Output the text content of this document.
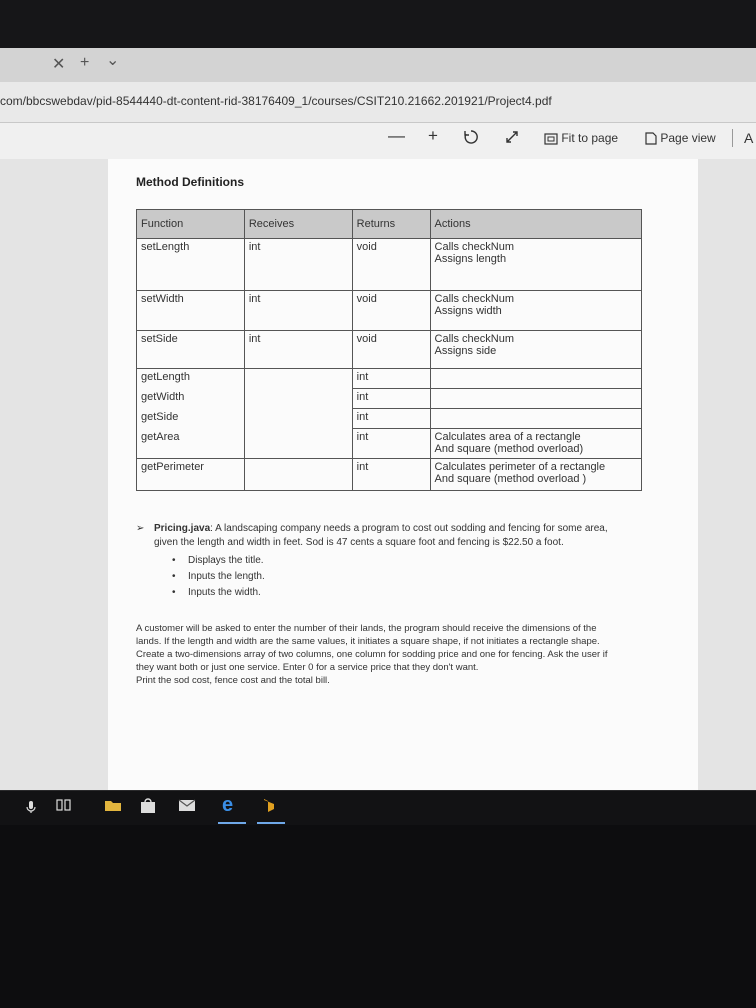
✕ + ⌄
com/bbcswebdav/pid-8544440-dt-content-rid-38176409_1/courses/CSIT210.21662.201921/Project4.pdf
— +	Fit to page	Page view A
Method Definitions
Function	Receives	Returns	Actions
setLength	int	void	Calls checkNum
Assigns length

setWidth	int	void	Calls checkNum
Assigns width

setSide	int	void	Calls checkNum
Assigns side

getLength		int	
getWidth		int	
getSide		int	
getArea		int	Calculates area of a rectangle
And square (method overload)

getPerimeter		int	Calculates perimeter of a rectangle
And square (method overload )

➢ Pricing.java: A landscaping company needs a program to cost out sodding and fencing for some area, given the length and width in feet. Sod is 47 cents a square foot and fencing is $22.50 a foot.

• Displays the title.
• Inputs the length.
• Inputs the width.

A customer will be asked to enter the number of their lands, the program should receive the dimensions of the lands. If the length and width are the same values, it initiates a square shape, if not initiates a rectangle shape.

Create a two-dimensions array of two columns, one column for sodding price and one for fencing. Ask the user if they want both or just one service. Enter 0 for a service price that they don't want.

Print the sod cost, fence cost and the total bill.

e
